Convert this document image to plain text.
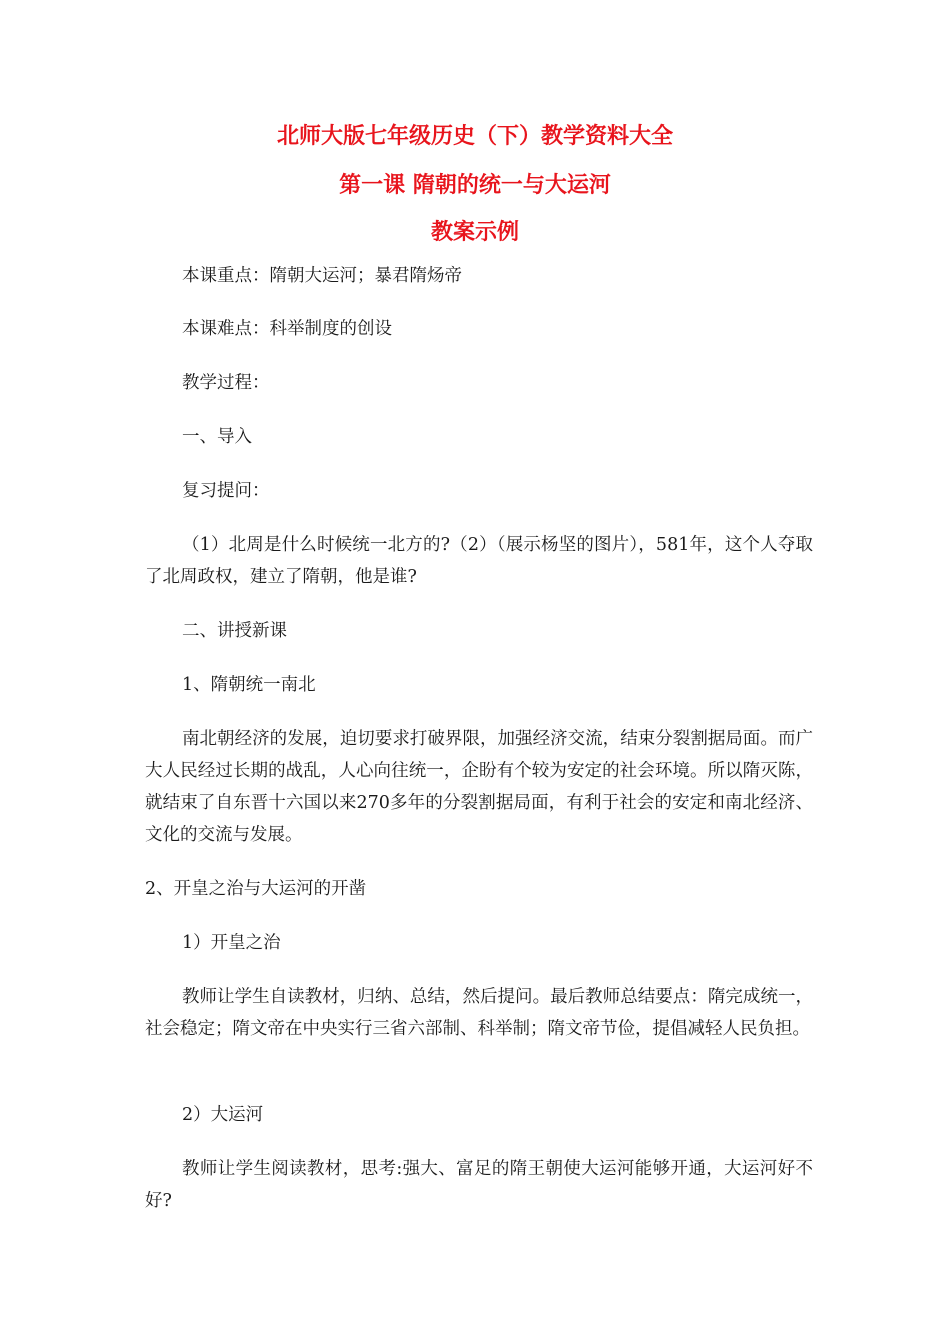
北师大版七年级历史（下）教学资料大全
第一课 隋朝的统一与大运河
教案示例

本课重点：隋朝大运河；暴君隋炀帝

本课难点：科举制度的创设

教学过程：

一、导入

复习提问：

（1）北周是什么时候统一北方的?（2）（展示杨坚的图片），581年，这个人夺取了北周政权，建立了隋朝，他是谁?

二、讲授新课

1、隋朝统一南北

南北朝经济的发展，迫切要求打破界限，加强经济交流，结束分裂割据局面。而广大人民经过长期的战乱，人心向往统一，企盼有个较为安定的社会环境。所以隋灭陈，就结束了自东晋十六国以来270多年的分裂割据局面，有利于社会的安定和南北经济、文化的交流与发展。

2、开皇之治与大运河的开凿

1）开皇之治

教师让学生自读教材，归纳、总结，然后提问。最后教师总结要点：隋完成统一，社会稳定；隋文帝在中央实行三省六部制、科举制；隋文帝节俭，提倡减轻人民负担。

2）大运河

教师让学生阅读教材，思考:强大、富足的隋王朝使大运河能够开通，大运河好不好?
